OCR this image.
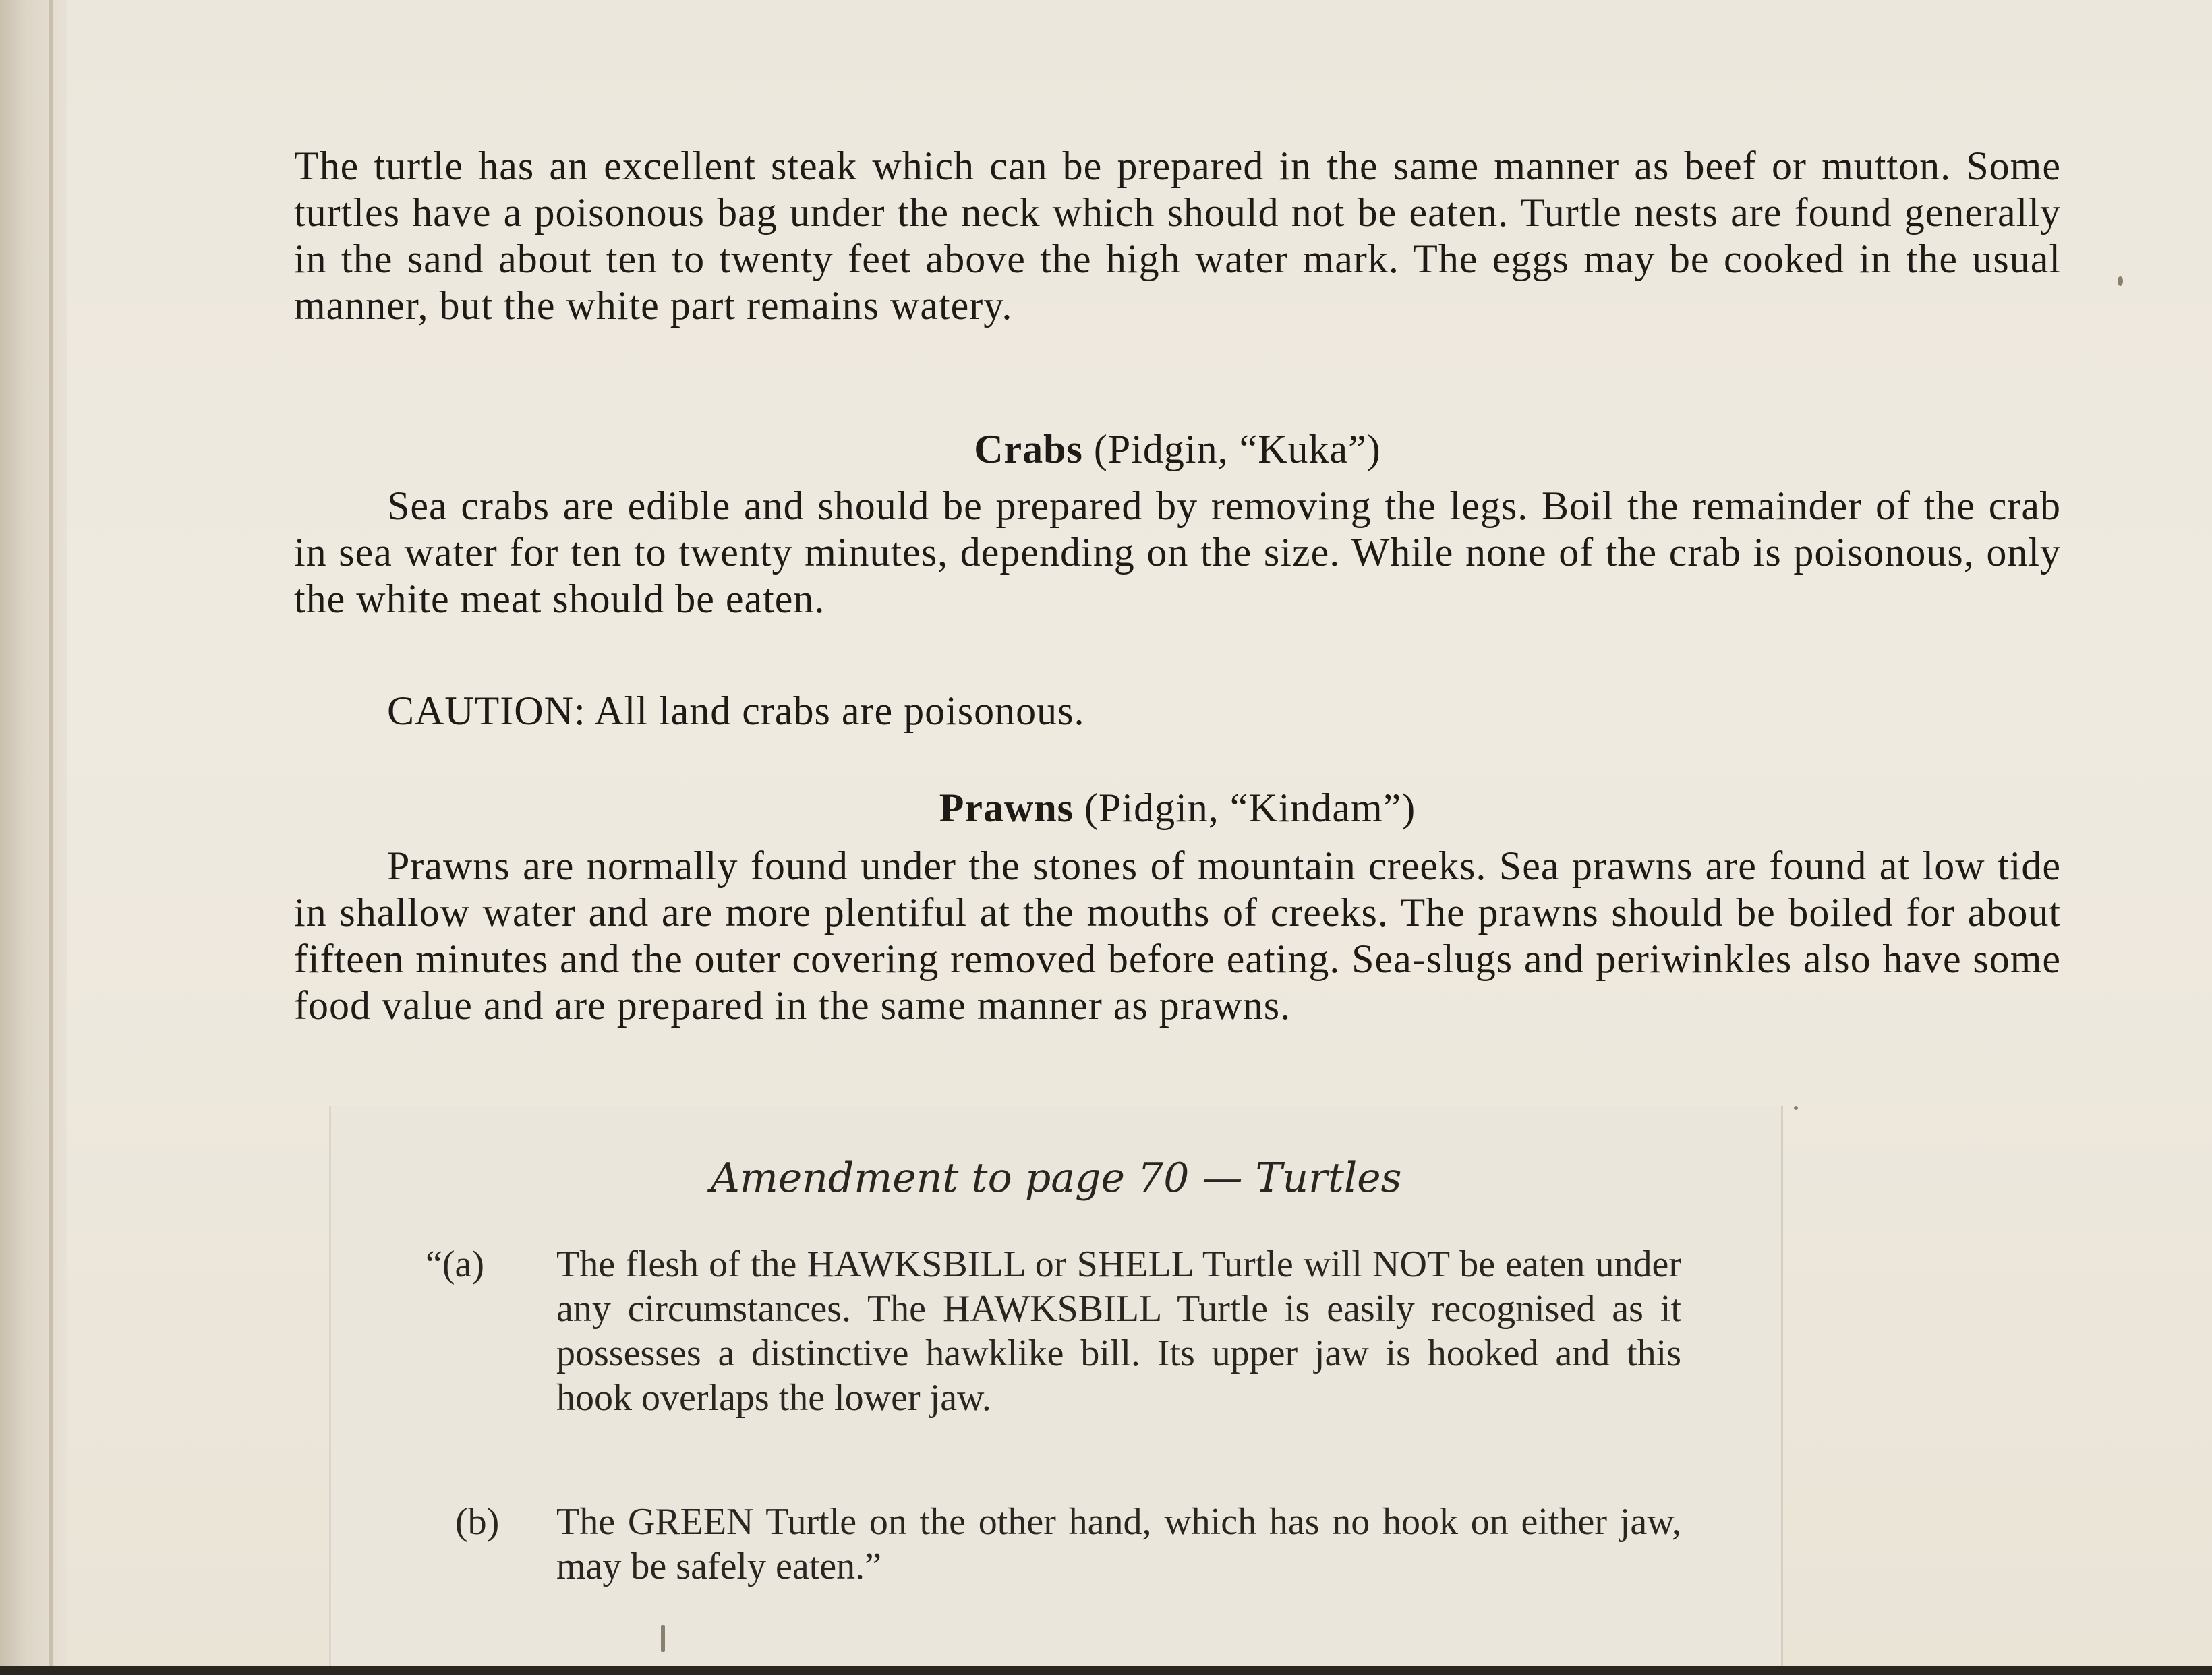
The turtle has an excellent steak which can be prepared in the same manner as beef or mutton. Some turtles have a poisonous bag under the neck which should not be eaten. Turtle nests are found generally in the sand about ten to twenty feet above the high water mark. The eggs may be cooked in the usual manner, but the white part remains watery.

Crabs (Pidgin, “Kuka”)

Sea crabs are edible and should be prepared by removing the legs. Boil the remainder of the crab in sea water for ten to twenty minutes, depending on the size. While none of the crab is poisonous, only the white meat should be eaten.

CAUTION: All land crabs are poisonous.
Prawns (Pidgin, “Kindam”)

Prawns are normally found under the stones of mountain creeks. Sea prawns are found at low tide in shallow water and are more plentiful at the mouths of creeks. The prawns should be boiled for about fifteen minutes and the outer covering removed before eating. Sea-slugs and periwinkles also have some food value and are prepared in the same manner as prawns.

Amendment to page 70 — Turtles
“(a)	The flesh of the HAWKSBILL or SHELL Turtle will NOT be eaten under any circumstances. The HAWKSBILL Turtle is easily recognised as it possesses a distinctive hawklike bill. Its upper jaw is hooked and this hook overlaps the lower jaw.
(b)	The GREEN Turtle on the other hand, which has no hook on either jaw, may be safely eaten.”
